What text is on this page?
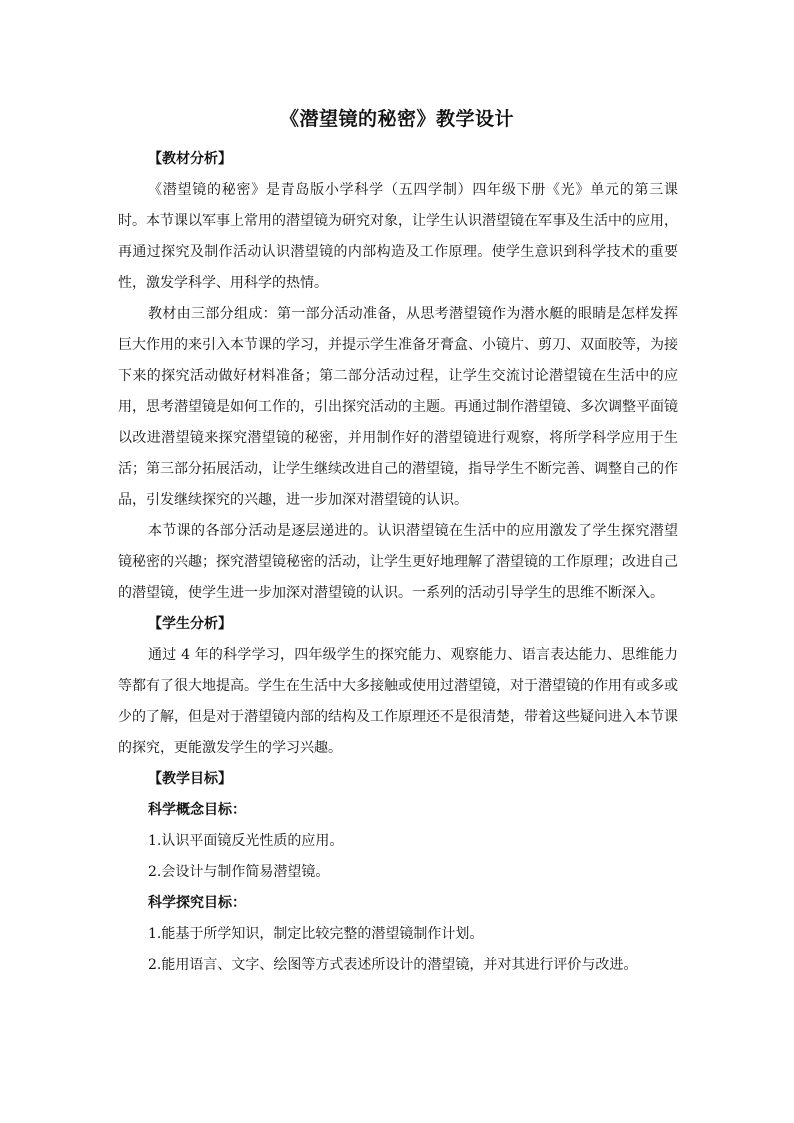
《潜望镜的秘密》教学设计

【教材分析】

《潜望镜的秘密》是青岛版小学科学（五四学制）四年级下册《光》单元的第三课时。本节课以军事上常用的潜望镜为研究对象，让学生认识潜望镜在军事及生活中的应用，再通过探究及制作活动认识潜望镜的内部构造及工作原理。使学生意识到科学技术的重要性，激发学科学、用科学的热情。

教材由三部分组成：第一部分活动准备，从思考潜望镜作为潜水艇的眼睛是怎样发挥巨大作用的来引入本节课的学习，并提示学生准备牙膏盒、小镜片、剪刀、双面胶等，为接下来的探究活动做好材料准备；第二部分活动过程，让学生交流讨论潜望镜在生活中的应用，思考潜望镜是如何工作的，引出探究活动的主题。再通过制作潜望镜、多次调整平面镜以改进潜望镜来探究潜望镜的秘密，并用制作好的潜望镜进行观察，将所学科学应用于生活；第三部分拓展活动，让学生继续改进自己的潜望镜，指导学生不断完善、调整自己的作品，引发继续探究的兴趣，进一步加深对潜望镜的认识。

本节课的各部分活动是逐层递进的。认识潜望镜在生活中的应用激发了学生探究潜望镜秘密的兴趣；探究潜望镜秘密的活动，让学生更好地理解了潜望镜的工作原理；改进自己的潜望镜，使学生进一步加深对潜望镜的认识。一系列的活动引导学生的思维不断深入。

【学生分析】

通过 4 年的科学学习，四年级学生的探究能力、观察能力、语言表达能力、思维能力等都有了很大地提高。学生在生活中大多接触或使用过潜望镜，对于潜望镜的作用有或多或少的了解，但是对于潜望镜内部的结构及工作原理还不是很清楚，带着这些疑问进入本节课的探究，更能激发学生的学习兴趣。

【教学目标】

科学概念目标：

1.认识平面镜反光性质的应用。

2.会设计与制作简易潜望镜。

科学探究目标：

1.能基于所学知识，制定比较完整的潜望镜制作计划。

2.能用语言、文字、绘图等方式表述所设计的潜望镜，并对其进行评价与改进。
